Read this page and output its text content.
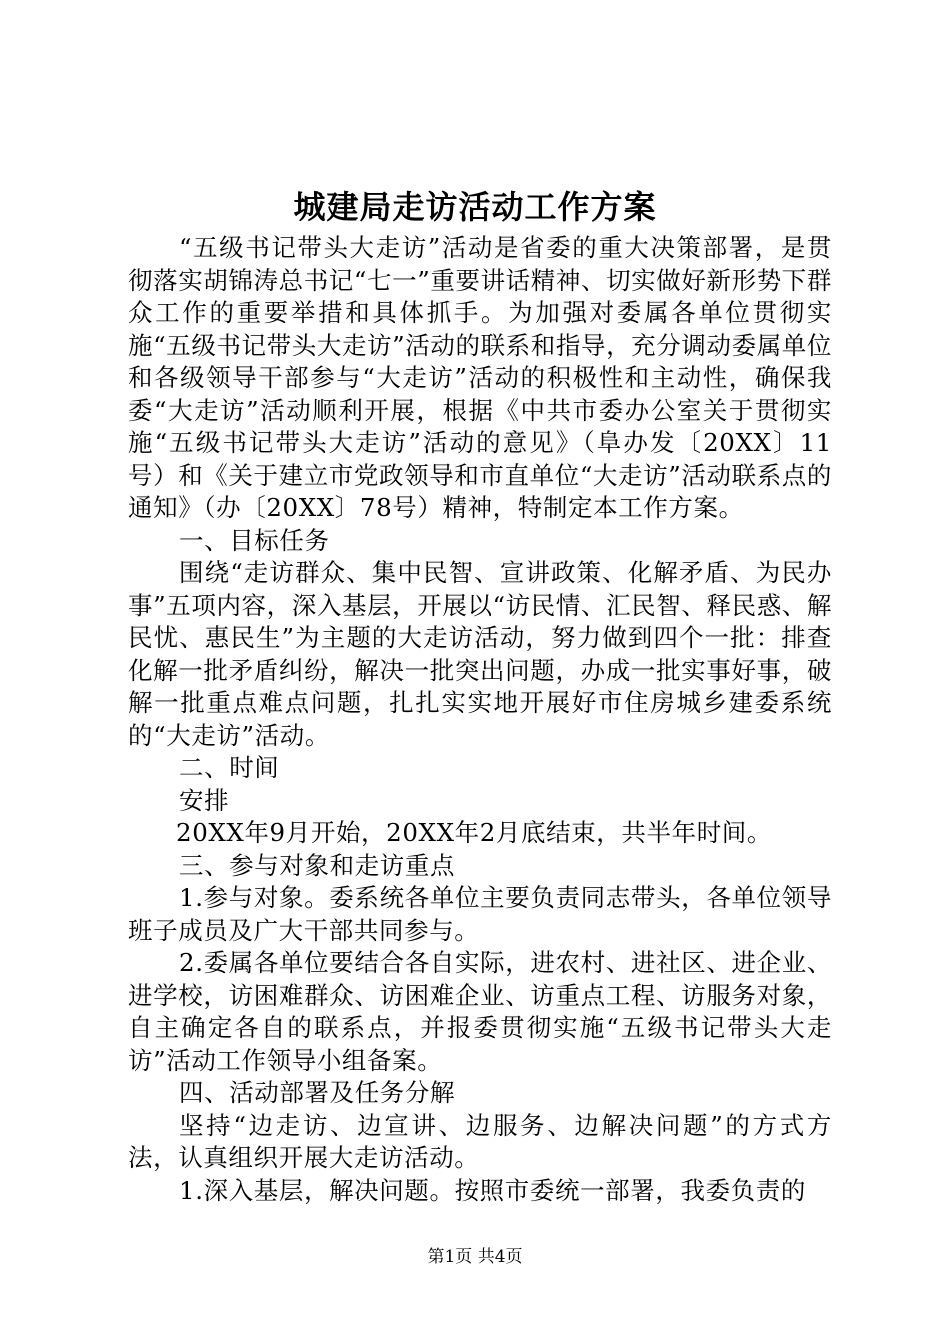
城建局走访活动工作方案

“五级书记带头大走访”活动是省委的重大决策部署，是贯彻落实胡锦涛总书记“七一”重要讲话精神、切实做好新形势下群众工作的重要举措和具体抓手。为加强对委属各单位贯彻实施“五级书记带头大走访”活动的联系和指导，充分调动委属单位和各级领导干部参与“大走访”活动的积极性和主动性，确保我委“大走访”活动顺利开展，根据《中共市委办公室关于贯彻实施“五级书记带头大走访”活动的意见》（阜办发〔20XX〕11号）和《关于建立市党政领导和市直单位“大走访”活动联系点的通知》（办〔20XX〕78号）精神，特制定本工作方案。

一、目标任务

围绕“走访群众、集中民智、宣讲政策、化解矛盾、为民办事”五项内容，深入基层，开展以“访民情、汇民智、释民惑、解民忧、惠民生”为主题的大走访活动，努力做到四个一批：排查化解一批矛盾纠纷，解决一批突出问题，办成一批实事好事，破解一批重点难点问题，扎扎实实地开展好市住房城乡建委系统的“大走访”活动。

二、时间

安排

20XX年9月开始，20XX年2月底结束，共半年时间。

三、参与对象和走访重点

1.参与对象。委系统各单位主要负责同志带头，各单位领导班子成员及广大干部共同参与。

2.委属各单位要结合各自实际，进农村、进社区、进企业、进学校，访困难群众、访困难企业、访重点工程、访服务对象，自主确定各自的联系点，并报委贯彻实施“五级书记带头大走访”活动工作领导小组备案。

四、活动部署及任务分解

坚持“边走访、边宣讲、边服务、边解决问题”的方式方法，认真组织开展大走访活动。

1.深入基层，解决问题。按照市委统一部署，我委负责的

第1页 共4页
